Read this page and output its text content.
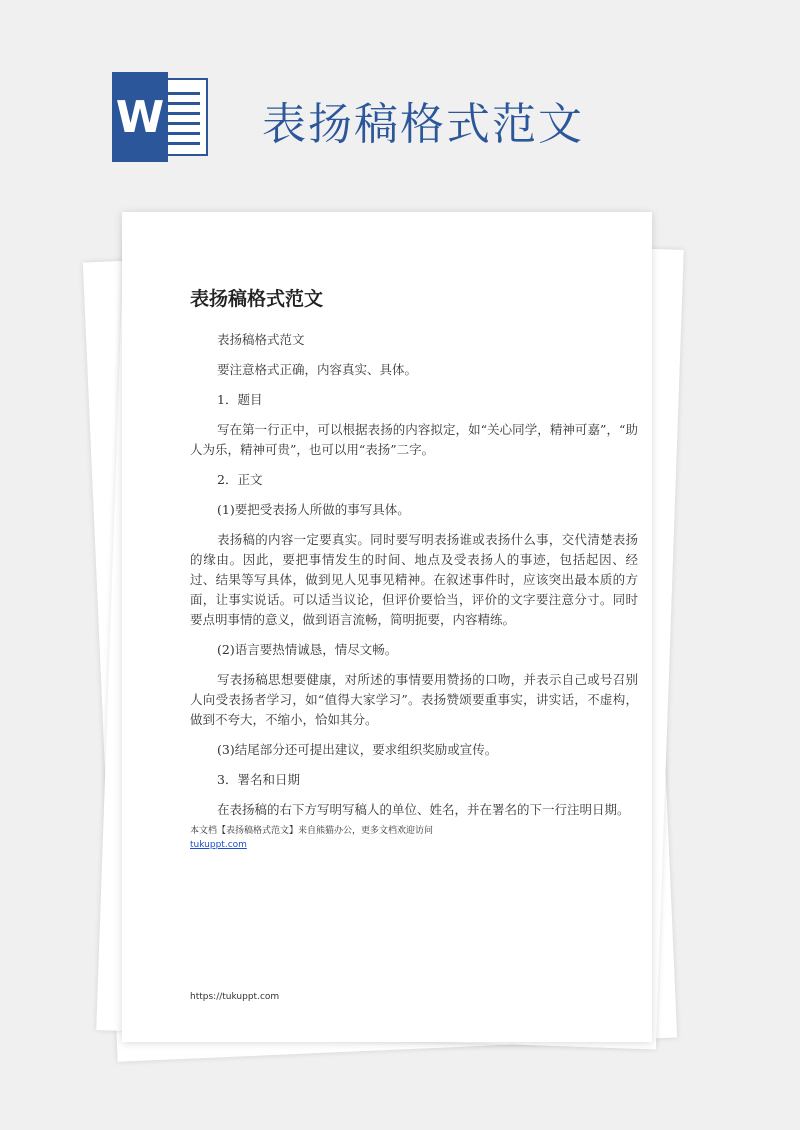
W 表扬稿格式范文
表扬稿格式范文

表扬稿格式范文

要注意格式正确，内容真实、具体。

1．题目

写在第一行正中，可以根据表扬的内容拟定，如“关心同学，精神可嘉”，“助人为乐，精神可贵”，也可以用“表扬”二字。

2．正文

(1)要把受表扬人所做的事写具体。

表扬稿的内容一定要真实。同时要写明表扬谁或表扬什么事，交代清楚表扬的缘由。因此，要把事情发生的时间、地点及受表扬人的事迹，包括起因、经过、结果等写具体，做到见人见事见精神。在叙述事件时，应该突出最本质的方面，让事实说话。可以适当议论，但评价要恰当，评价的文字要注意分寸。同时要点明事情的意义，做到语言流畅，简明扼要，内容精练。

(2)语言要热情诚恳，情尽文畅。

写表扬稿思想要健康，对所述的事情要用赞扬的口吻，并表示自己或号召别人向受表扬者学习，如“值得大家学习”。表扬赞颂要重事实，讲实话，不虚构，做到不夸大，不缩小，恰如其分。

(3)结尾部分还可提出建议，要求组织奖励或宣传。

3．署名和日期

在表扬稿的右下方写明写稿人的单位、姓名，并在署名的下一行注明日期。

本文档【表扬稿格式范文】来自熊猫办公，更多文档欢迎访问
tukuppt.com
https://tukuppt.com
